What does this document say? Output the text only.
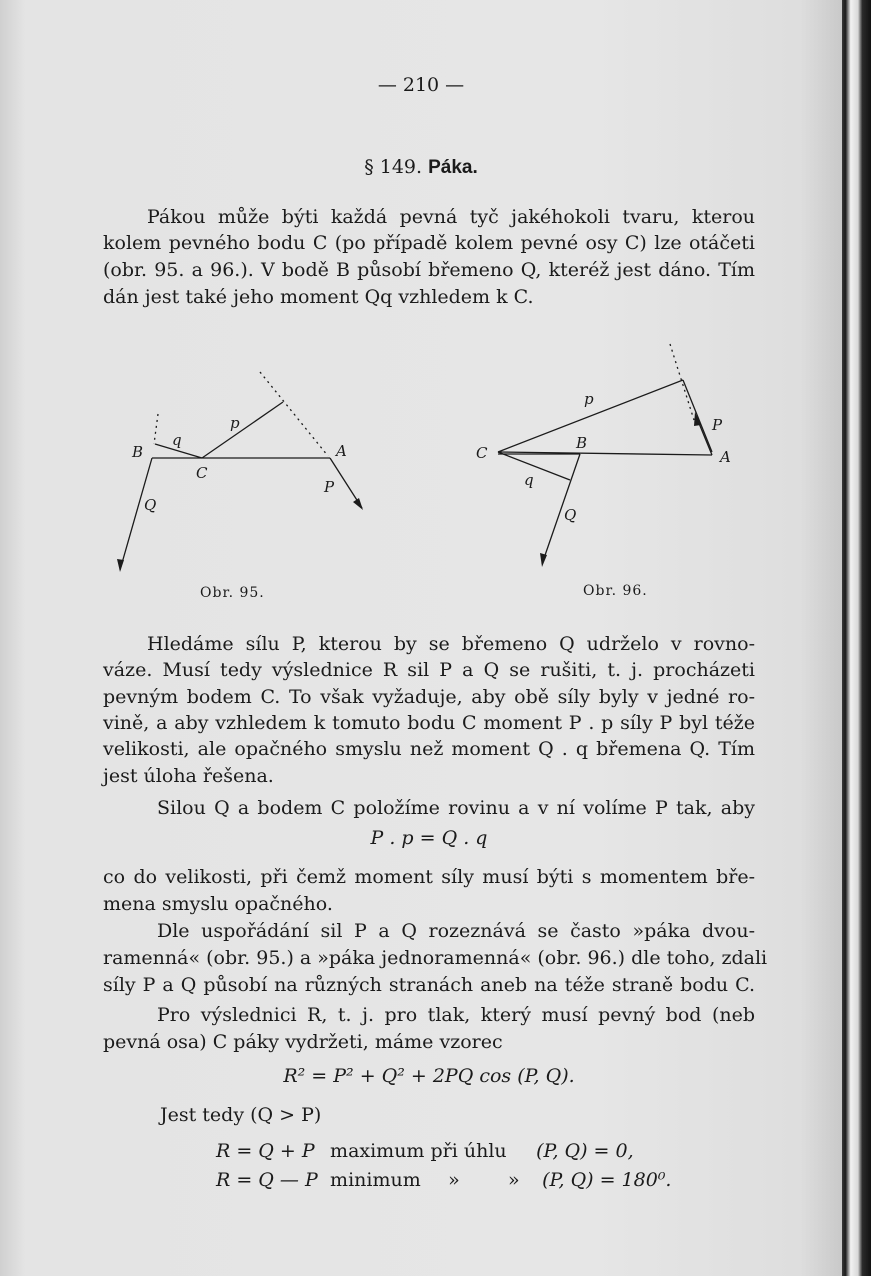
— 210 —
§ 149. Páka.
Pákou může býti každá pevná tyč jakéhokoli tvaru, kterou
kolem pevného bodu C (po případě kolem pevné osy C) lze otáčeti
(obr. 95. a 96.). V bodě B působí břemeno Q, kteréž jest dáno. Tím
dán jest také jeho moment Qq vzhledem k C.
B
q
p
C
A
P
Q
Obr. 95.
C
p
B
P
A
q
Q
Obr. 96.
Hledáme sílu P, kterou by se břemeno Q udrželo v rovno-
váze. Musí tedy výslednice R sil P a Q se rušiti, t. j. procházeti
pevným bodem C. To však vyžaduje, aby obě síly byly v jedné ro-
vině, a aby vzhledem k tomuto bodu C moment P . p síly P byl téže
velikosti, ale opačného smyslu než moment Q . q břemena Q. Tím
jest úloha řešena.
Silou Q a bodem C položíme rovinu a v ní volíme P tak, aby
P . p = Q . q
co do velikosti, při čemž moment síly musí býti s momentem bře-
mena smyslu opačného.
Dle uspořádání sil P a Q rozeznává se často »páka dvou-
ramenná« (obr. 95.) a »páka jednoramenná« (obr. 96.) dle toho, zdali
síly P a Q působí na různých stranách aneb na téže straně bodu C.
Pro výslednici R, t. j. pro tlak, který musí pevný bod (neb
pevná osa) C páky vydržeti, máme vzorec
R² = P² + Q² + 2PQ cos (P, Q).
Jest tedy (Q > P)
R = Q + P maximum při úhlu (P, Q) = 0,
R = Q — P minimum »        » (P, Q) = 180⁰.
